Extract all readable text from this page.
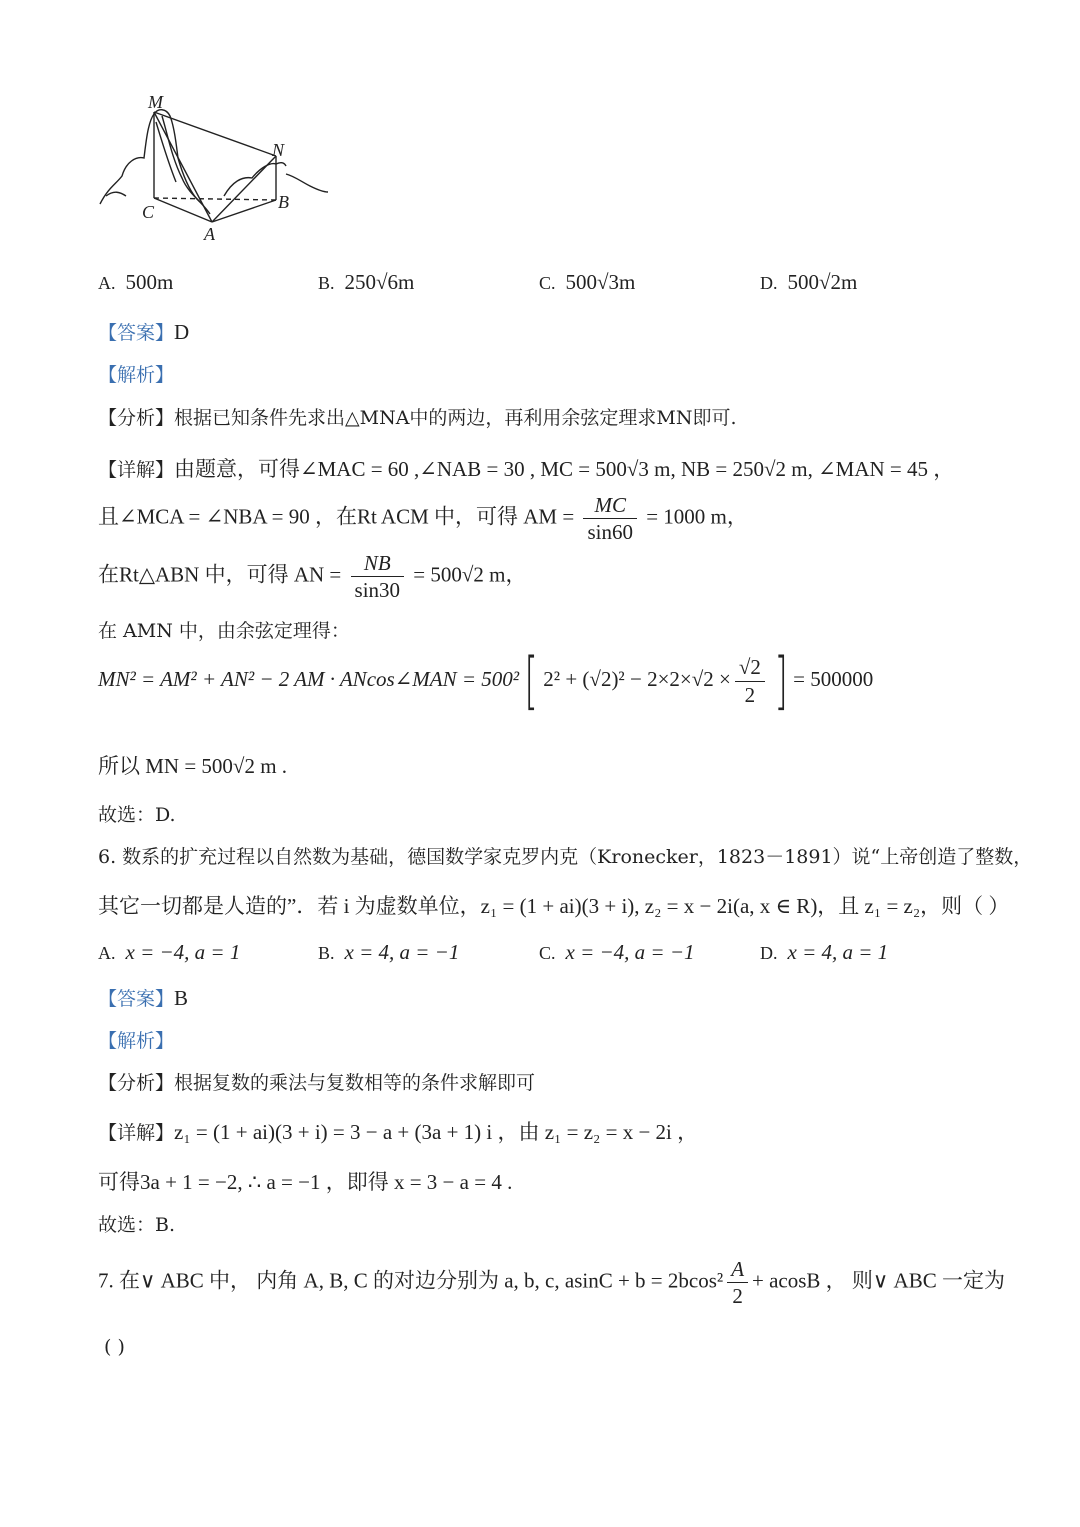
M
N
C	B
A
A. 500m	B. 250√6m	C. 500√3m	D. 500√2m
【答案】D
【解析】
【分析】根据已知条件先求出△MNA中的两边，再利用余弦定理求MN即可.
【详解】由题意，可得∠MAC = 60 ,∠NAB = 30 , MC = 500√3 m, NB = 250√2 m, ∠MAN = 45 ，
且∠MCA = ∠NBA = 90 ，在Rt ACM 中，可得 AM = $\frac{MC}{\sin 60} = 1000$ m，
在Rt△ABN 中，可得 AN = $\frac{NB}{\sin 30} = 500√2$ m，
在 AMN 中，由余弦定理得：
MN² = AM² + AN² − 2 AM · ANcos∠MAN = 500²[ $2^2 + (√2)^2 - 2\times 2\times√2 \times \frac{√2}{2}$ ] = 500000
所以 MN = 500√2 m .
故选：D.
6. 数系的扩充过程以自然数为基础，德国数学家克罗内克（Kronecker，1823－1891）说“上帝创造了整数，
其它一切都是人造的”．若 i 为虚数单位，z₁ = (1 + ai)(3 + i), z₂ = x − 2i(a, x ∈ R)，且 z₁ = z₂，则（ ）
A. x = −4, a = 1	B. x = 4, a = −1	C. x = −4, a = −1	D. x = 4, a = 1
【答案】B
【解析】
【分析】根据复数的乘法与复数相等的条件求解即可
【详解】z₁ = (1 + ai)(3 + i) = 3 − a + (3a + 1) i ，由 z₁ = z₂ = x − 2i ，
可得3a + 1 = −2, ∴ a = −1 ，即得 x = 3 − a = 4 .
故选：B.
7. 在∨ ABC 中， 内角 A, B, C 的对边分别为 a, b, c, $asinC + b = 2bcos^2 \frac{A}{2} + acosB$ ， 则∨ ABC 一定为
( )
